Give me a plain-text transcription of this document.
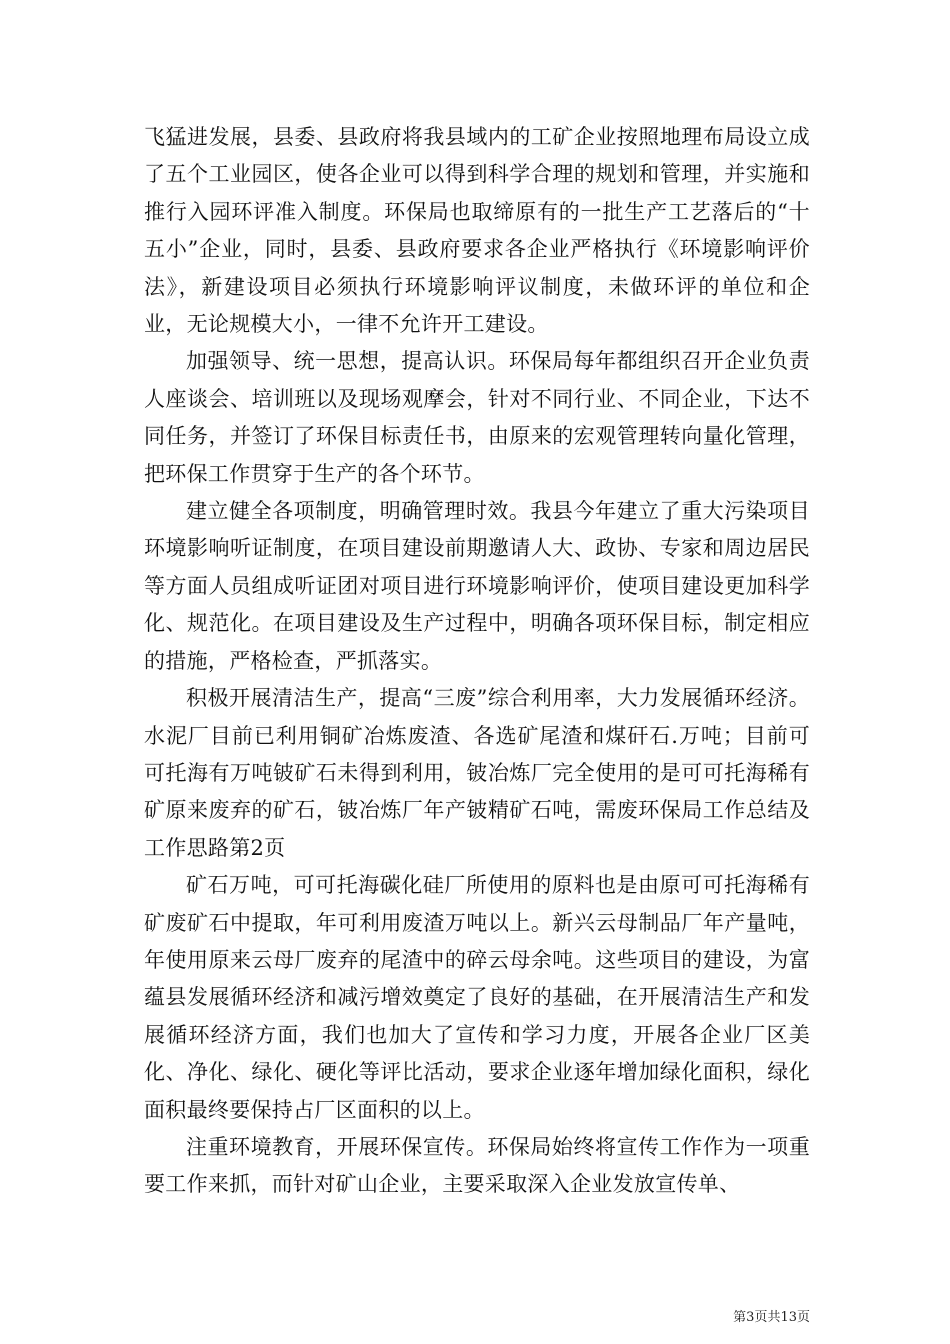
飞猛进发展，县委、县政府将我县域内的工矿企业按照地理布局设立成了五个工业园区，使各企业可以得到科学合理的规划和管理，并实施和推行入园环评准入制度。环保局也取缔原有的一批生产工艺落后的“十五小”企业，同时，县委、县政府要求各企业严格执行《环境影响评价法》，新建设项目必须执行环境影响评议制度，未做环评的单位和企业，无论规模大小，一律不允许开工建设。

加强领导、统一思想，提高认识。环保局每年都组织召开企业负责人座谈会、培训班以及现场观摩会，针对不同行业、不同企业，下达不同任务，并签订了环保目标责任书，由原来的宏观管理转向量化管理，把环保工作贯穿于生产的各个环节。

建立健全各项制度，明确管理时效。我县今年建立了重大污染项目环境影响听证制度，在项目建设前期邀请人大、政协、专家和周边居民等方面人员组成听证团对项目进行环境影响评价，使项目建设更加科学化、规范化。在项目建设及生产过程中，明确各项环保目标，制定相应的措施，严格检查，严抓落实。

积极开展清洁生产，提高“三废”综合利用率，大力发展循环经济。水泥厂目前已利用铜矿冶炼废渣、各选矿尾渣和煤矸石.万吨；目前可可托海有万吨铍矿石未得到利用，铍冶炼厂完全使用的是可可托海稀有矿原来废弃的矿石，铍冶炼厂年产铍精矿石吨，需废环保局工作总结及工作思路第2页

矿石万吨，可可托海碳化硅厂所使用的原料也是由原可可托海稀有矿废矿石中提取，年可利用废渣万吨以上。新兴云母制品厂年产量吨，年使用原来云母厂废弃的尾渣中的碎云母余吨。这些项目的建设，为富蕴县发展循环经济和减污增效奠定了良好的基础，在开展清洁生产和发展循环经济方面，我们也加大了宣传和学习力度，开展各企业厂区美化、净化、绿化、硬化等评比活动，要求企业逐年增加绿化面积，绿化面积最终要保持占厂区面积的以上。

注重环境教育，开展环保宣传。环保局始终将宣传工作作为一项重要工作来抓，而针对矿山企业，主要采取深入企业发放宣传单、

第3页共13页
